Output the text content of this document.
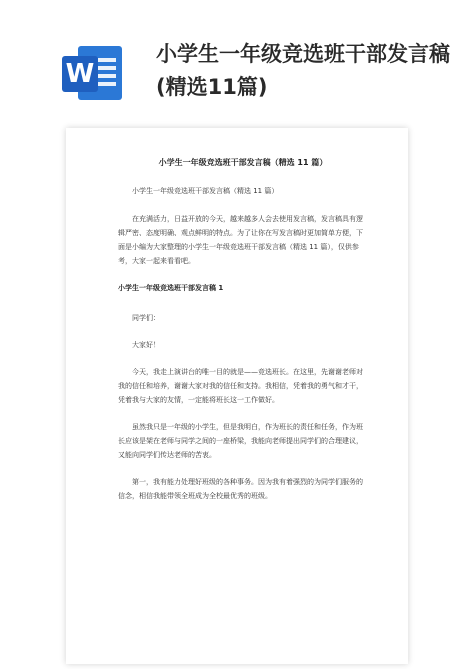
W
小学生一年级竞选班干部发言稿(精选11篇)
小学生一年级竞选班干部发言稿（精选 11 篇）
小学生一年级竞选班干部发言稿（精选 11 篇）
在充满活力，日益开放的今天，越来越多人会去使用发言稿，发言稿具有逻辑严密、态度明确、观点鲜明的特点。为了让你在写发言稿时更加简单方便，下面是小编为大家整理的小学生一年级竞选班干部发言稿（精选 11 篇），仅供参考，大家一起来看看吧。
小学生一年级竞选班干部发言稿 1
同学们：
大家好！
今天，我走上演讲台的唯一目的就是——竞选班长。在这里，先谢谢老师对我的信任和培养，谢谢大家对我的信任和支持。我相信，凭着我的勇气和才干，凭着我与大家的友情，一定能将班长这一工作做好。
虽然我只是一年级的小学生，但是我明白，作为班长的责任和任务，作为班长应该是架在老师与同学之间的一座桥梁，我能向老师提出同学们的合理建议，又能向同学们传达老师的苦衷。
第一，我有能力处理好班级的各种事务。因为我有着强烈的为同学们服务的信念，相信我能带领全班成为全校最优秀的班级。
